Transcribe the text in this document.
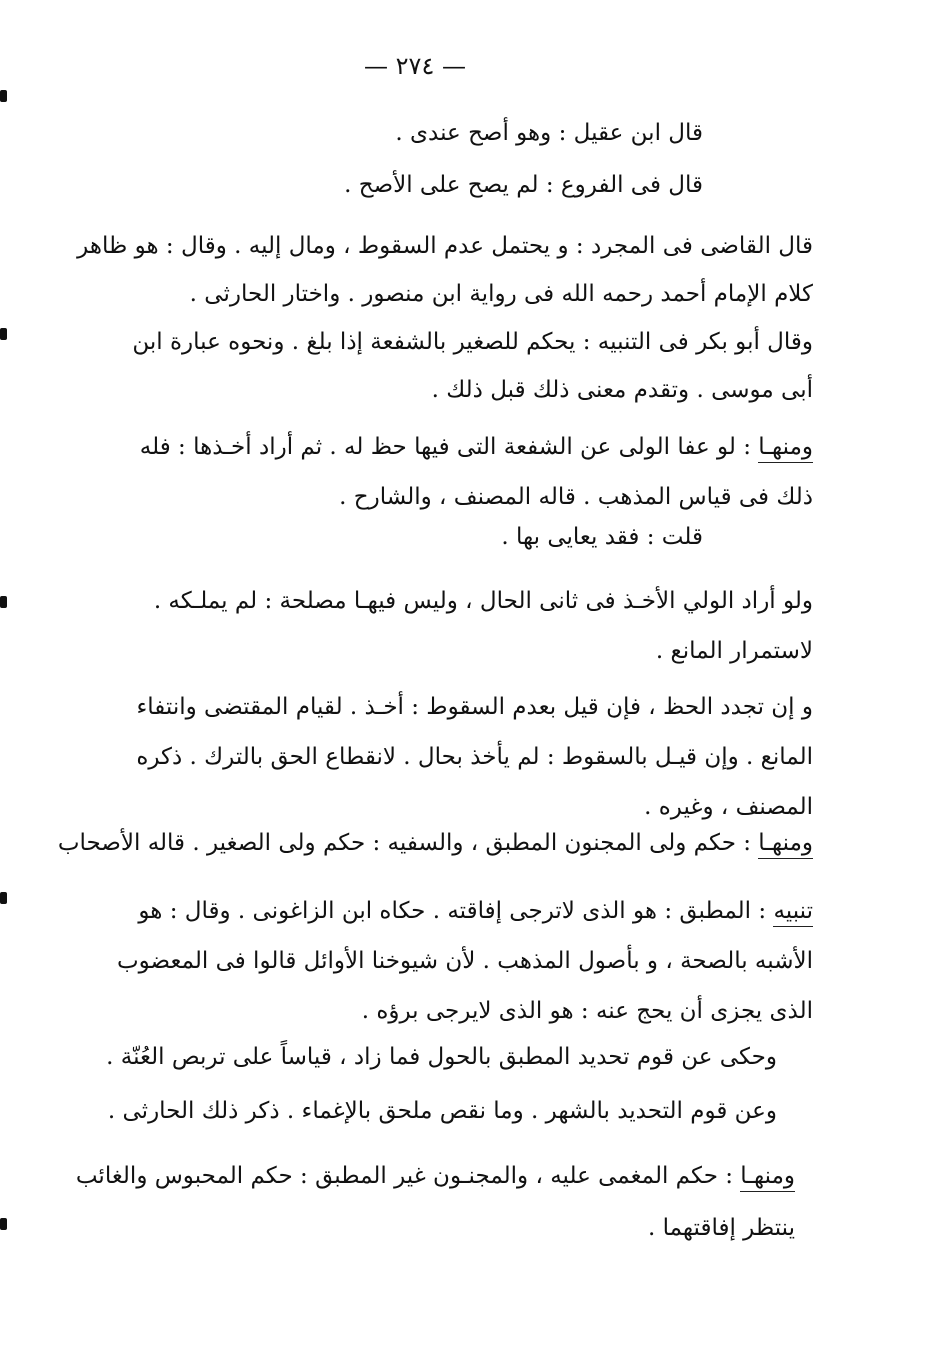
— ٢٧٤ —

قال ابن عقيل : وهو أصح عندى .

قال فى الفروع : لم يصح على الأصح .

قال القاضى فى المجرد : و يحتمل عدم السقوط ، ومال إليه . وقال : هو ظاهر
كلام الإمام أحمد رحمه الله فى رواية ابن منصور . واختار الحارثى .

وقال أبو بكر فى التنبيه : يحكم للصغير بالشفعة إذا بلغ . ونحوه عبارة ابن
أبى موسى . وتقدم معنى ذلك قبل ذلك .

ومنهـا : لو عفا الولى عن الشفعة التى فيها حظ له . ثم أراد أخـذها : فله
ذلك فى قياس المذهب . قاله المصنف ، والشارح .

قلت : فقد يعايى بها .

ولو أراد الولي الأخـذ فى ثانى الحال ، وليس فيهـا مصلحة : لم يملـكه .
لاستمرار المانع .

و إن تجدد الحظ ، فإن قيل بعدم السقوط : أخـذ . لقيام المقتضى وانتفاء
المانع . وإن قيـل بالسقوط : لم يأخذ بحال . لانقطاع الحق بالترك . ذكره
المصنف ، وغيره .

ومنهـا : حكم ولى المجنون المطبق ، والسفيه : حكم ولى الصغير . قاله الأصحاب

تنبيه : المطبق : هو الذى لاترجى إفاقته . حكاه ابن الزاغونى . وقال : هو
الأشبه بالصحة ، و بأصول المذهب . لأن شيوخنا الأوائل قالوا فى المعضوب
الذى يجزى أن يحج عنه : هو الذى لايرجى برؤه .

وحكى عن قوم تحديد المطبق بالحول فما زاد ، قياساً على تربص العُنّة .

وعن قوم التحديد بالشهر . وما نقص ملحق بالإغماء . ذكر ذلك الحارثى .

ومنهـا : حكم المغمى عليه ، والمجنـون غير المطبق : حكم المحبوس والغائب
ينتظر إفاقتهما .
